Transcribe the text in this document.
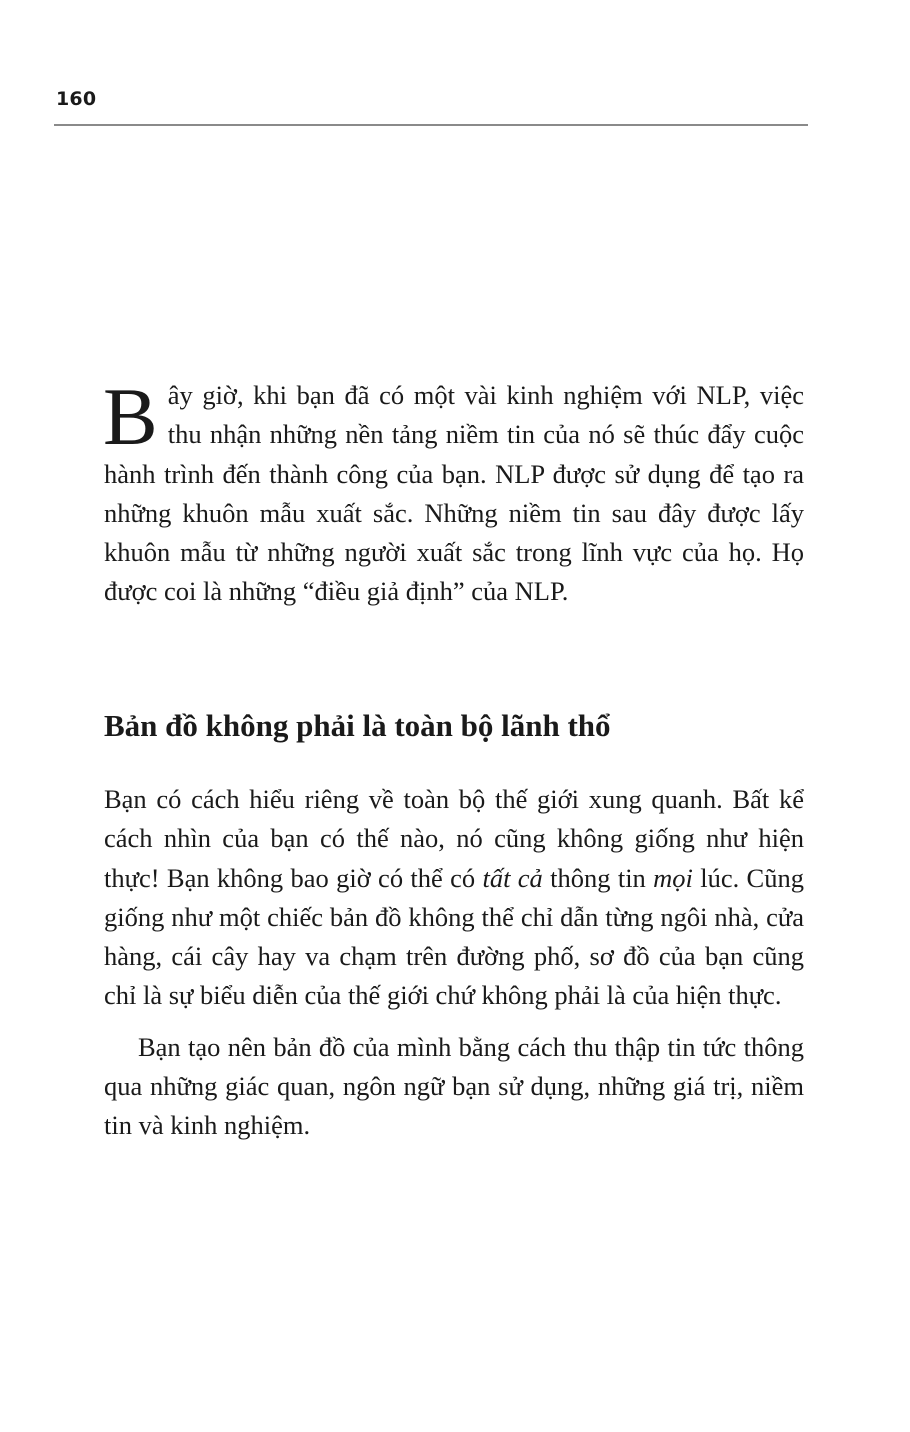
160

Bây giờ, khi bạn đã có một vài kinh nghiệm với NLP, việc thu nhận những nền tảng niềm tin của nó sẽ thúc đẩy cuộc hành trình đến thành công của bạn. NLP được sử dụng để tạo ra những khuôn mẫu xuất sắc. Những niềm tin sau đây được lấy khuôn mẫu từ những người xuất sắc trong lĩnh vực của họ. Họ được coi là những “điều giả định” của NLP.

Bản đồ không phải là toàn bộ lãnh thổ

Bạn có cách hiểu riêng về toàn bộ thế giới xung quanh. Bất kể cách nhìn của bạn có thế nào, nó cũng không giống như hiện thực! Bạn không bao giờ có thể có tất cả thông tin mọi lúc. Cũng giống như một chiếc bản đồ không thể chỉ dẫn từng ngôi nhà, cửa hàng, cái cây hay va chạm trên đường phố, sơ đồ của bạn cũng chỉ là sự biểu diễn của thế giới chứ không phải là của hiện thực.

Bạn tạo nên bản đồ của mình bằng cách thu thập tin tức thông qua những giác quan, ngôn ngữ bạn sử dụng, những giá trị, niềm tin và kinh nghiệm.
